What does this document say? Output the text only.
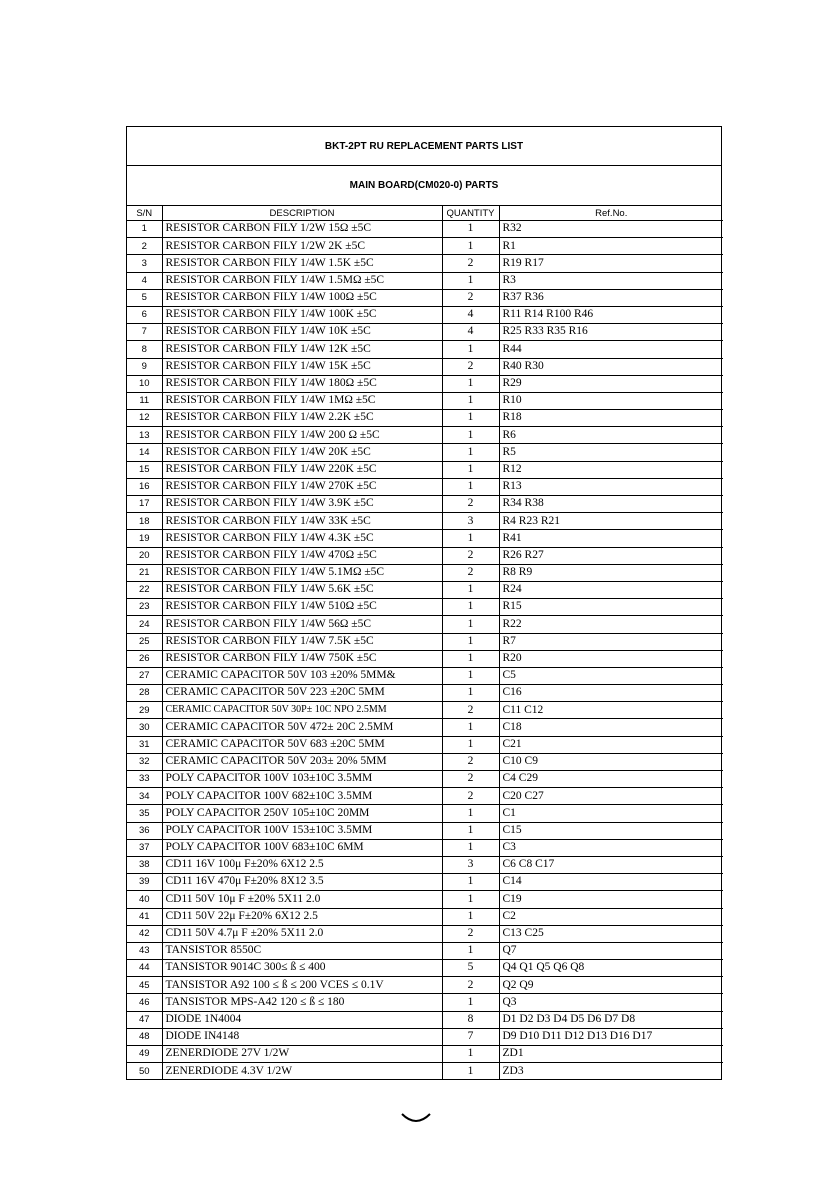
BKT-2PT RU REPLACEMENT PARTS LIST
MAIN BOARD(CM020-0) PARTS
S/N	DESCRIPTION	QUANTITY	Ref.No.
1	RESISTOR CARBON FILY 1/2W 15Ω ±5C	1	R32
2	RESISTOR CARBON FILY 1/2W 2K ±5C	1	R1
3	RESISTOR CARBON FILY 1/4W 1.5K ±5C	2	R19 R17
4	RESISTOR CARBON FILY 1/4W 1.5MΩ ±5C	1	R3
5	RESISTOR CARBON FILY 1/4W 100Ω ±5C	2	R37 R36
6	RESISTOR CARBON FILY 1/4W 100K ±5C	4	R11 R14 R100 R46
7	RESISTOR CARBON FILY 1/4W 10K ±5C	4	R25 R33 R35 R16
8	RESISTOR CARBON FILY 1/4W 12K ±5C	1	R44
9	RESISTOR CARBON FILY 1/4W 15K ±5C	2	R40 R30
10	RESISTOR CARBON FILY 1/4W 180Ω ±5C	1	R29
11	RESISTOR CARBON FILY 1/4W 1MΩ ±5C	1	R10
12	RESISTOR CARBON FILY 1/4W 2.2K ±5C	1	R18
13	RESISTOR CARBON FILY 1/4W 200 Ω ±5C	1	R6
14	RESISTOR CARBON FILY 1/4W 20K ±5C	1	R5
15	RESISTOR CARBON FILY 1/4W 220K ±5C	1	R12
16	RESISTOR CARBON FILY 1/4W 270K ±5C	1	R13
17	RESISTOR CARBON FILY 1/4W 3.9K ±5C	2	R34 R38
18	RESISTOR CARBON FILY 1/4W 33K ±5C	3	R4 R23 R21
19	RESISTOR CARBON FILY 1/4W 4.3K ±5C	1	R41
20	RESISTOR CARBON FILY 1/4W 470Ω ±5C	2	R26 R27
21	RESISTOR CARBON FILY 1/4W 5.1MΩ ±5C	2	R8 R9
22	RESISTOR CARBON FILY 1/4W 5.6K ±5C	1	R24
23	RESISTOR CARBON FILY 1/4W 510Ω ±5C	1	R15
24	RESISTOR CARBON FILY 1/4W 56Ω ±5C	1	R22
25	RESISTOR CARBON FILY 1/4W 7.5K ±5C	1	R7
26	RESISTOR CARBON FILY 1/4W 750K ±5C	1	R20
27	CERAMIC CAPACITOR 50V 103 ±20% 5MM&	1	C5
28	CERAMIC CAPACITOR 50V 223 ±20C 5MM	1	C16
29	CERAMIC CAPACITOR 50V 30P± 10C NPO 2.5MM	2	C11 C12
30	CERAMIC CAPACITOR 50V 472± 20C 2.5MM	1	C18
31	CERAMIC CAPACITOR 50V 683 ±20C 5MM	1	C21
32	CERAMIC CAPACITOR 50V 203± 20% 5MM	2	C10 C9
33	POLY CAPACITOR 100V 103±10C 3.5MM	2	C4 C29
34	POLY CAPACITOR 100V 682±10C 3.5MM	2	C20 C27
35	POLY CAPACITOR 250V 105±10C 20MM	1	C1
36	POLY CAPACITOR 100V 153±10C 3.5MM	1	C15
37	POLY CAPACITOR 100V 683±10C 6MM	1	C3
38	CD11 16V 100μ F±20% 6X12 2.5	3	C6 C8 C17
39	CD11 16V 470μ F±20% 8X12 3.5	1	C14
40	CD11 50V 10μ F ±20% 5X11 2.0	1	C19
41	CD11 50V 22μ F±20% 6X12 2.5	1	C2
42	CD11 50V 4.7μ F ±20% 5X11 2.0	2	C13 C25
43	TANSISTOR 8550C	1	Q7
44	TANSISTOR 9014C 300≤ ß ≤ 400	5	Q4 Q1 Q5 Q6 Q8
45	TANSISTOR A92 100 ≤ ß ≤ 200 VCES ≤ 0.1V	2	Q2 Q9
46	TANSISTOR MPS-A42 120 ≤ ß ≤ 180	1	Q3
47	DIODE 1N4004	8	D1 D2 D3 D4 D5 D6 D7 D8
48	DIODE IN4148	7	D9 D10 D11 D12 D13 D16 D17
49	ZENERDIODE 27V 1/2W	1	ZD1
50	ZENERDIODE 4.3V 1/2W	1	ZD3
